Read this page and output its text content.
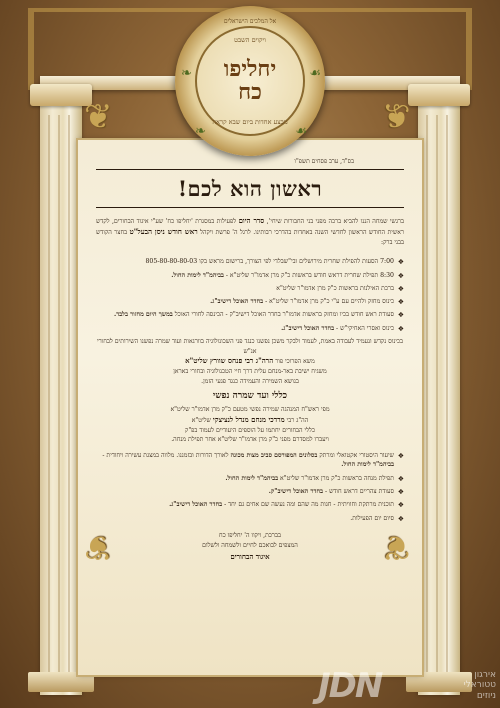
❦	❦
❦	❦
אל המלכים הישראלים
ויקוים השבט
יחליפו
כח
מבצע אחדות ביום שבא קראה
❧	☙
❧	☙
בס"ד, ערב פסחים תשפ"ו
ראשון הוא לכם!

ברגשי שמחה הננו להביא ברכה מפני בני החבורות שיחי', סדר היום לפעילות במסגרת 'יחליפו כח' שע"י איגוד הבחורים, לקדש ראשית החודש הראשון לחדשי השנה באחדות בהדרכי רבותינו. לרגל ה' פרשת ויקהל ראש חודש ניסן הבעל"ט בחצר הקודש בבני ברק:

❖
7:00 הסעות להפילת שחרית מירושלים ובי"שבלדי לפי הצורך, ברישום מראש בקו 805-80-80-80-03
❖
8:30 תפילת שחרית דראש חודש בראשות כ"ק מרן אדמו"ר שליט"א - בביהמ"ד לימות החול.
❖
ברכת האילנות בראשות כ"ק מרן אדמו"ר שליט"א
❖
כינוס מחזק ולהיים עם ע"י כ"ק מרן אדמו"ר שליט"א - בחדר האוכל דישיב"ג.
❖
סעודת ראש חודש בכיו ומחזק בראשות אדמו"ר בחדר האוכל דישיב"ק - הכינסה לחורי האוכל במשך היום מחזור בלבד.
❖
כינוס ואסרי האחיקי"ש - בחדר האוכל דישיב"ג.
בכינוס נקדש ונעמיד לעבודה באמת, לעמוד ולבקר משכן נפשנו כנגד פני השכונולוגיה בוורגאות ועוד שמרה נפשנו השירותים לבחורי אנ"ש
משא הפרוכי פור הרה"ג רבי פנחס שוורץ שליט"א
משגיח ישיבת באר-מנחם עלית דרך חיי הטכנולוגיה ובחורי באראן
בנושא השמירה והעמידה כנגד פגעי הזמן.
כללי ועד שמרה נפשי
מפי ראש"ח המנהגה שמירה נפשי מטעם כ"ק מרן אדמו"ר שליט"א
הה"ג רבי מרדכי מנחם מנדל לנציצקי שליט"א
כללי הבחורים יחתמו על הוספים היעודיים לעמוד בפ"ק
ויעברו למסדרם מפני כ"ק מרן אדמו"ר שליט"א אחר תפילת מנחה.
❖
שיעור היסטורי אקטואלי ומרתק בסלונים המפורסם סביב מצות מכונה לאורך הדורות ובזמננו. מלווה במצגת עשירה ויחודית - בביהמ"ד לימות החול.
❖
תפילת מנחה בראשות כ"ק מרן אדמו"ר שליט"א בביהמ"ד לימות החול.
❖
סעודת צהריים דראש חודש - בחדר האוכל דישיב"ק.
❖
תוכנית מרתקת וחוויתית - חגות מה שהם ומה נעשה שם אחים גם יחד - בחדר האוכל דישיב"ג.
❖
סיום יום הפעילות.
בברכת, ויקוו ה' יחליפו כח
המצפים לבואכם לחיים ולשמחה ולשלום
איגוד הבחורים
JDN	אירגון
טטוראלי
ניוזים
